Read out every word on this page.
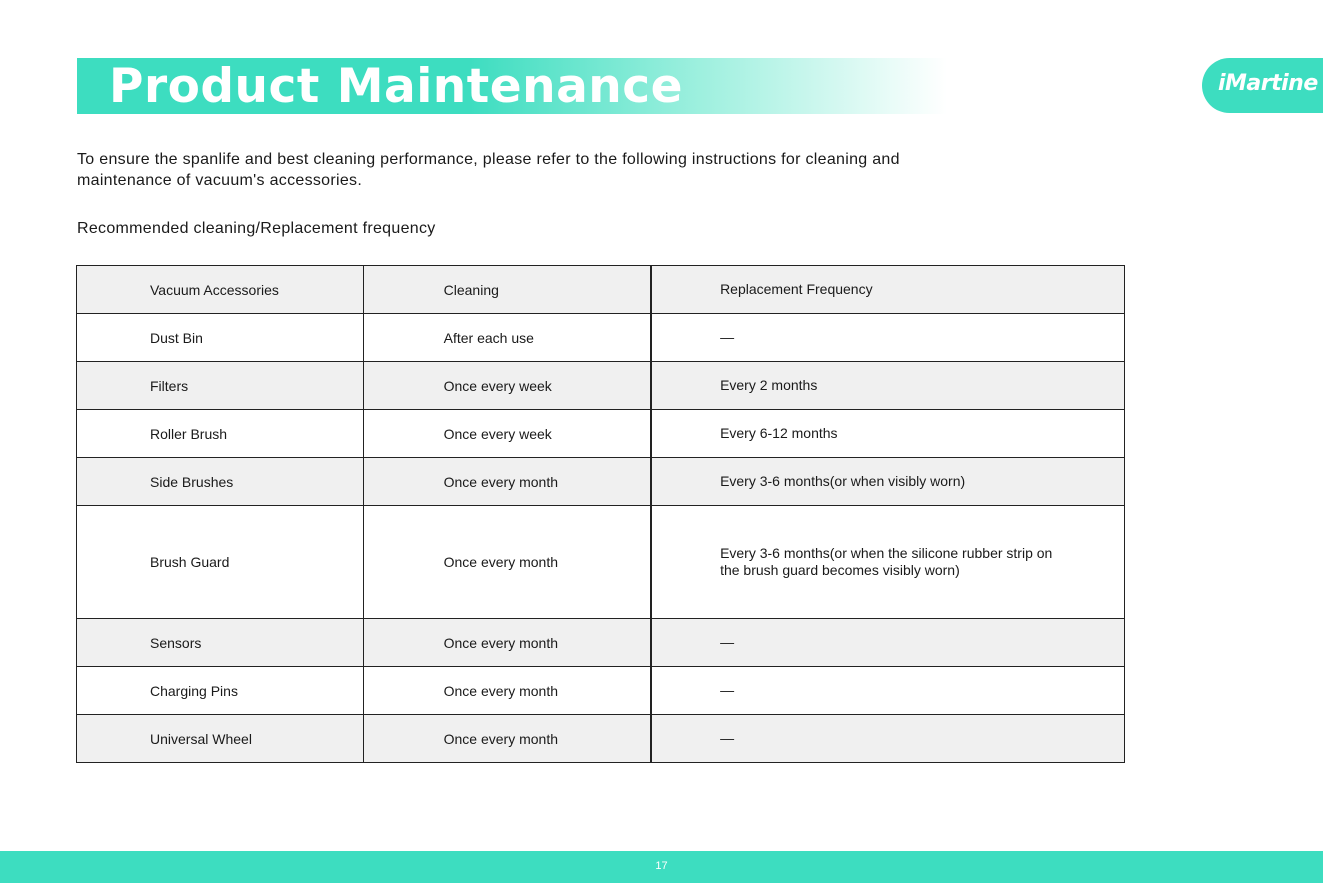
Product Maintenance	iMartine
To ensure the spanlife and best cleaning performance, please refer to the following instructions for cleaning and maintenance of vacuum's accessories.
Recommended cleaning/Replacement frequency
Vacuum Accessories	Cleaning	Replacement Frequency
Dust Bin	After each use	—
Filters	Once every week	Every 2 months
Roller Brush	Once every week	Every 6-12 months
Side Brushes	Once every month	Every 3-6 months(or when visibly worn)
Brush Guard	Once every month	Every 3-6 months(or when the silicone rubber strip on the brush guard becomes visibly worn)
Sensors	Once every month	—
Charging Pins	Once every month	—
Universal Wheel	Once every month	—
17
